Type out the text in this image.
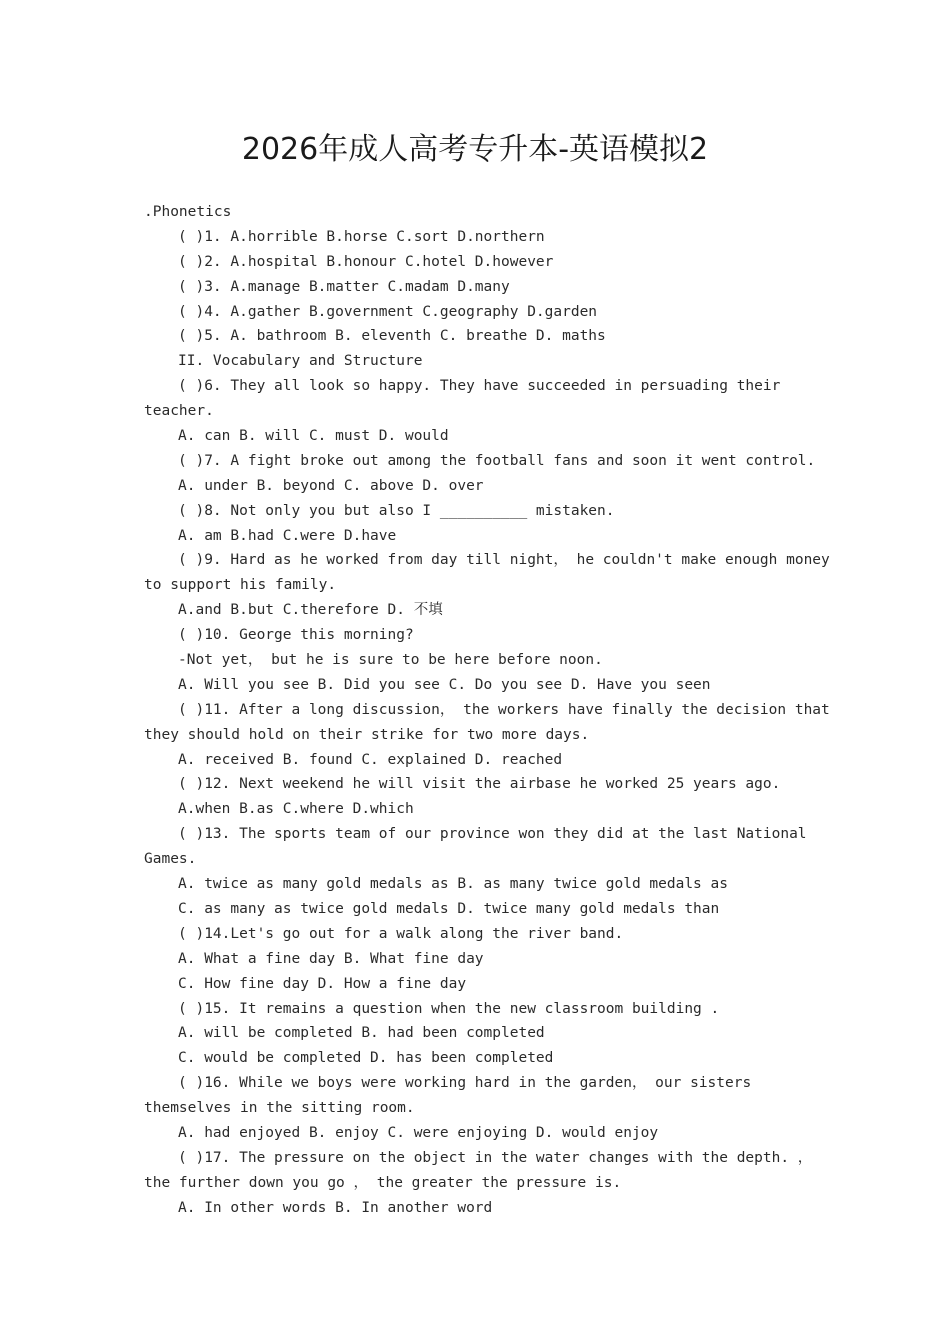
2026年成人高考专升本-英语模拟2
.Phonetics
( )1. A.horrible B.horse C.sort D.northern
( )2. A.hospital B.honour C.hotel D.however
( )3. A.manage B.matter C.madam D.many
( )4. A.gather B.government C.geography D.garden
( )5. A. bathroom B. eleventh C. breathe D. maths
II. Vocabulary and Structure
( )6. They all look so happy. They have succeeded in persuading their
teacher.
A. can B. will C. must D. would
( )7. A fight broke out among the football fans and soon it went control.
A. under B. beyond C. above D. over
( )8. Not only you but also I __________ mistaken.
A. am B.had C.were D.have
( )9. Hard as he worked from day till night， he couldn't make enough money
to support his family.
A.and B.but C.therefore D. 不填
( )10. George this morning?
-Not yet， but he is sure to be here before noon.
A. Will you see B. Did you see C. Do you see D. Have you seen
( )11. After a long discussion， the workers have finally the decision that
they should hold on their strike for two more days.
A. received B. found C. explained D. reached
( )12. Next weekend he will visit the airbase he worked 25 years ago.
A.when B.as C.where D.which
( )13. The sports team of our province won they did at the last National
Games.
A. twice as many gold medals as B. as many twice gold medals as
C. as many as twice gold medals D. twice many gold medals than
( )14.Let's go out for a walk along the river band.
A. What a fine day B. What fine day
C. How fine day D. How a fine day
( )15. It remains a question when the new classroom building .
A. will be completed B. had been completed
C. would be completed D. has been completed
( )16. While we boys were working hard in the garden， our sisters
themselves in the sitting room.
A. had enjoyed B. enjoy C. were enjoying D. would enjoy
( )17. The pressure on the object in the water changes with the depth. ，
the further down you go ， the greater the pressure is.
A. In other words B. In another word
